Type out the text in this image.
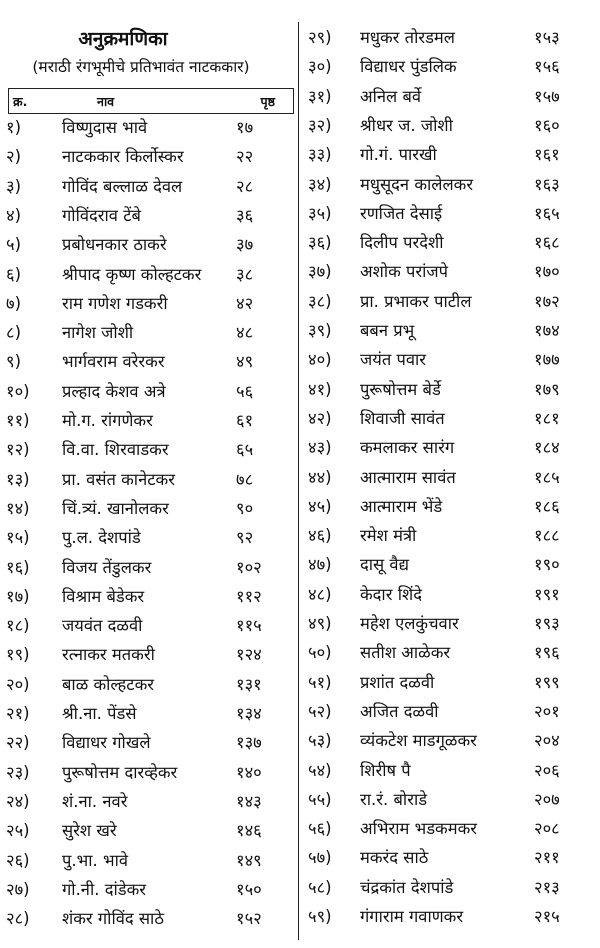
अनुक्रमणिका
(मराठी रंगभूमीचे प्रतिभावंत नाटककार)
क्र.	नाव	पृष्ठ
१) विष्णुदास भावे	१७
२) नाटककार किर्लोस्कर	२२
३) गोविंद बल्लाळ देवल	२८
४) गोविंदराव टेंबे	३६
५) प्रबोधनकार ठाकरे	३७
६) श्रीपाद कृष्ण कोल्हटकर ३८
७) राम गणेश गडकरी	४२
८) नागेश जोशी	४८
९) भार्गवराम वरेरकर	४९
१०) प्रल्हाद केशव अत्रे	५६
११) मो.ग. रांगणेकर	६१
१२) वि.वा. शिरवाडकर	६५
१३) प्रा. वसंत कानेटकर	७८
१४) चिं.त्र्यं. खानोलकर	९०
१५) पु.ल. देशपांडे	९२
१६) विजय तेंडुलकर	१०२
१७) विश्राम बेडेकर	११२
१८) जयवंत दळवी	११५
१९) रत्नाकर मतकरी	१२४
२०) बाळ कोल्हटकर	१३१
२१) श्री.ना. पेंडसे	१३४
२२) विद्याधर गोखले	१३७
२३) पुरूषोत्तम दारव्हेकर	१४०
२४) शं.ना. नवरे	१४३
२५) सुरेश खरे	१४६
२६) पु.भा. भावे	१४९
२७) गो.नी. दांडेकर	१५०
२८) शंकर गोविंद साठे	१५२
२९) मधुकर तोरडमल	१५३
३०) विद्याधर पुंडलिक	१५६
३१) अनिल बर्वे	१५७
३२) श्रीधर ज. जोशी	१६०
३३) गो.गं. पारखी	१६१
३४) मधुसूदन कालेलकर	१६३
३५) रणजित देसाई	१६५
३६) दिलीप परदेशी	१६८
३७) अशोक परांजपे	१७०
३८) प्रा. प्रभाकर पाटील	१७२
३९) बबन प्रभू	१७४
४०) जयंत पवार	१७७
४१) पुरूषोत्तम बेर्डे	१७९
४२) शिवाजी सावंत	१८१
४३) कमलाकर सारंग	१८४
४४) आत्माराम सावंत	१८५
४५) आत्माराम भेंडे	१८६
४६) रमेश मंत्री	१८८
४७) दासू वैद्य	१९०
४८) केदार शिंदे	१९१
४९) महेश एलकुंचवार	१९३
५०) सतीश आळेकर	१९६
५१) प्रशांत दळवी	१९९
५२) अजित दळवी	२०१
५३) व्यंकटेश माडगूळकर	२०४
५४) शिरीष पै	२०६
५५) रा.रं. बोराडे	२०७
५६) अभिराम भडकमकर	२०८
५७) मकरंद साठे	२११
५८) चंद्रकांत देशपांडे	२१३
५९) गंगाराम गवाणकर	२१५
